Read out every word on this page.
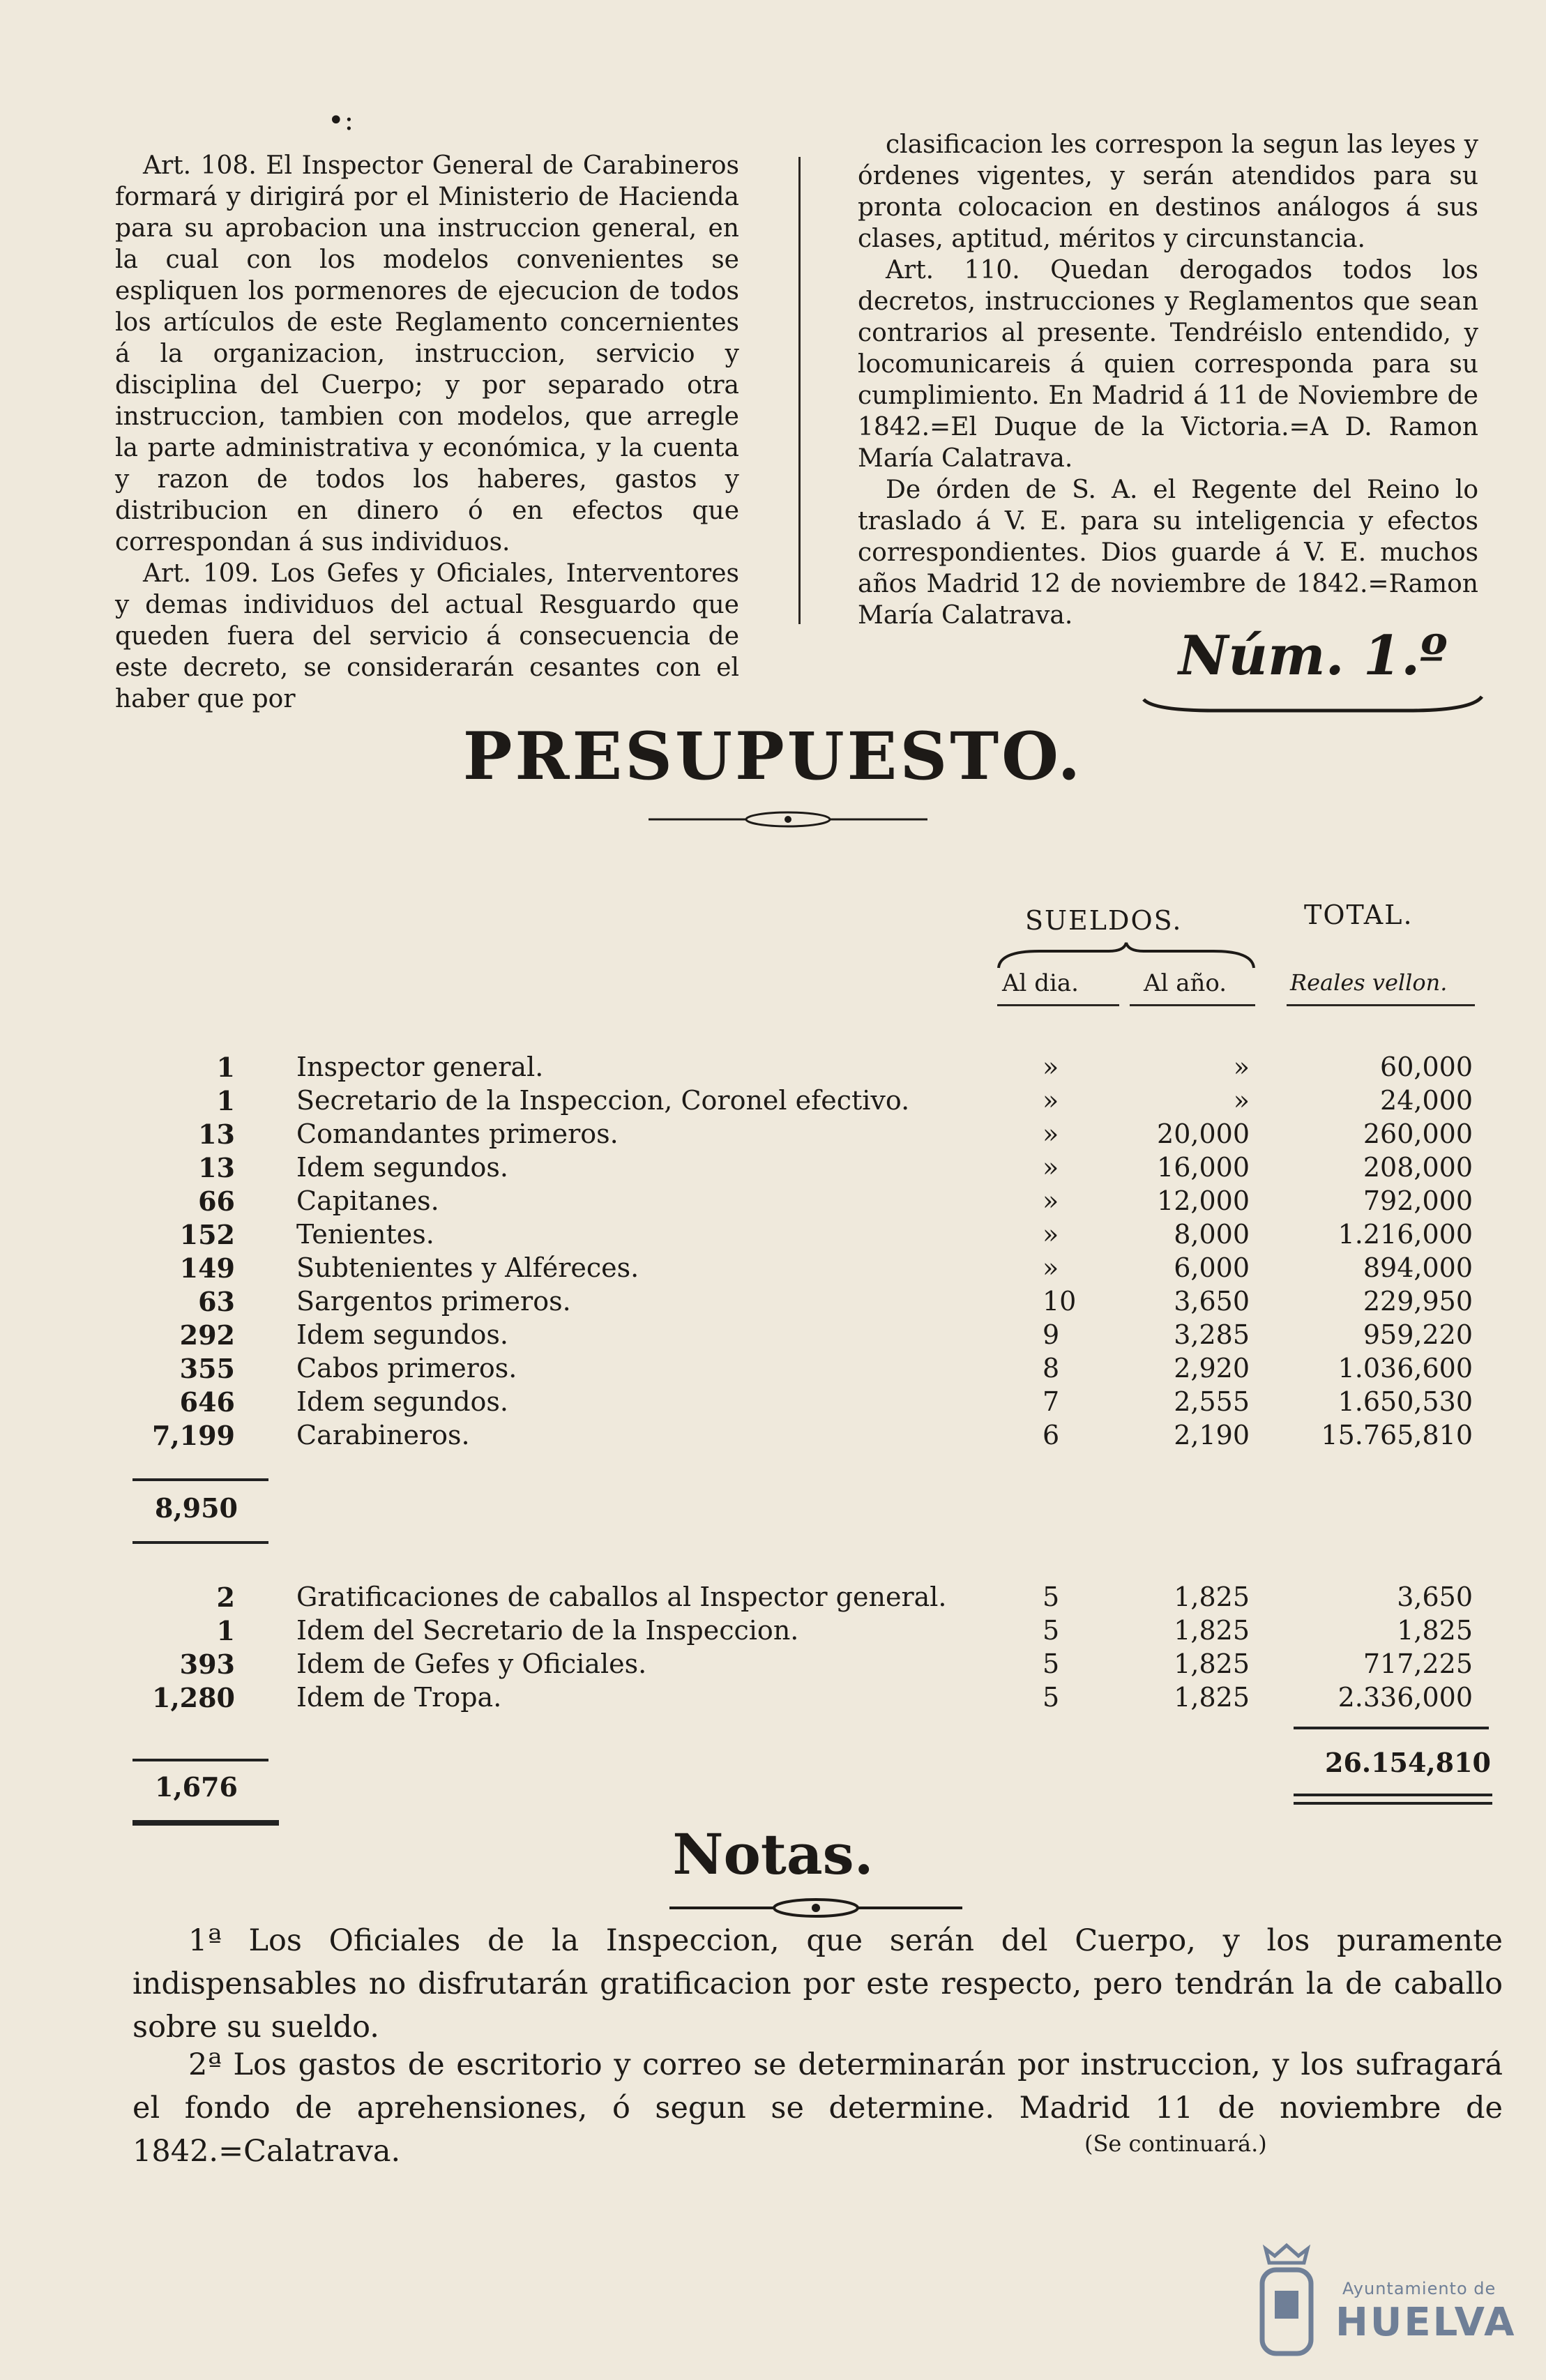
•:

Art. 108. El Inspector General de Carabineros formará y dirigirá por el Ministerio de Hacienda para su aprobacion una instruccion general, en la cual con los modelos convenientes se espliquen los pormenores de ejecucion de todos los artículos de este Reglamento concernientes á la organizacion, instruccion, servicio y disciplina del Cuerpo; y por separado otra instruccion, tambien con modelos, que arregle la parte administrativa y económica, y la cuenta y razon de todos los haberes, gastos y distribucion en dinero ó en efectos que correspondan á sus individuos.

Art. 109. Los Gefes y Oficiales, Interventores y demas individuos del actual Resguardo que queden fuera del servicio á consecuencia de este decreto, se considerarán cesantes con el haber que por

clasificacion les correspon la segun las leyes y órdenes vigentes, y serán atendidos para su pronta colocacion en destinos análogos á sus clases, aptitud, méritos y circunstancia.

Art. 110. Quedan derogados todos los decretos, instrucciones y Reglamentos que sean contrarios al presente. Tendréislo entendido, y locomunicareis á quien corresponda para su cumplimiento. En Madrid á 11 de Noviembre de 1842.=El Duque de la Victoria.=A D. Ramon María Calatrava.

De órden de S. A. el Regente del Reino lo traslado á V. E. para su inteligencia y efectos correspondientes. Dios guarde á V. E. muchos años Madrid 12 de noviembre de 1842.=Ramon María Calatrava.

Núm. 1.º
PRESUPUESTO.
SUELDOS.	TOTAL.
Al dia.	Al año.	Reales vellon.
1 Inspector general.	»	»	60,000
1 Secretario de la Inspeccion, Coronel efectivo.	»	»	24,000
13 Comandantes primeros.	»	20,000	260,000
13 Idem segundos.	»	16,000	208,000
66 Capitanes.	»	12,000	792,000
152 Tenientes.	»	8,000	1.216,000
149 Subtenientes y Alféreces.	»	6,000	894,000
63 Sargentos primeros.	10	3,650	229,950
292 Idem segundos.	9	3,285	959,220
355 Cabos primeros.	8	2,920	1.036,600
646 Idem segundos.	7	2,555	1.650,530
7,199 Carabineros.	6	2,190	15.765,810
8,950
2 Gratificaciones de caballos al Inspector general.	5	1,825	3,650
1 Idem del Secretario de la Inspeccion.	5	1,825	1,825
393 Idem de Gefes y Oficiales.	5	1,825	717,225
1,280 Idem de Tropa.	5	1,825	2.336,000
1,676
26.154,810
Notas.
1ª Los Oficiales de la Inspeccion, que serán del Cuerpo, y los puramente indispensables no disfrutarán gratificacion por este respecto, pero tendrán la de caballo sobre su sueldo.
2ª Los gastos de escritorio y correo se determinarán por instruccion, y los sufragará el fondo de aprehensiones, ó segun se determine. Madrid 11 de noviembre de 1842.=Calatrava.	(Se continuará.)
Ayuntamiento de
HUELVA
